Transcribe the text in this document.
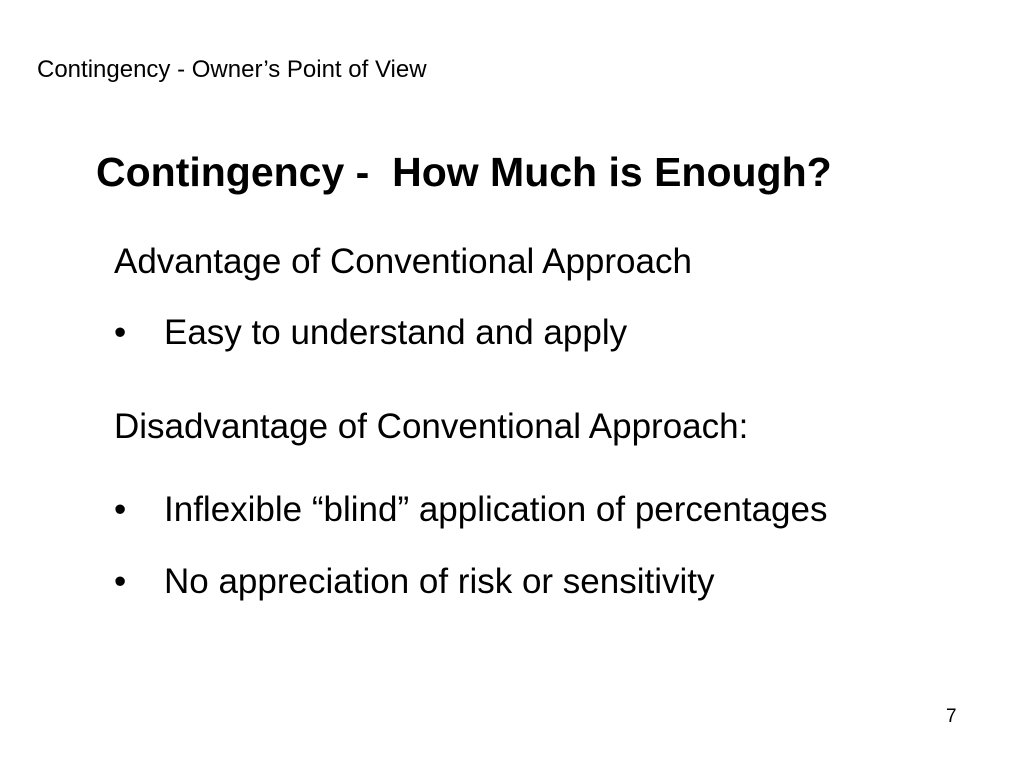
Contingency - Owner’s Point of View
Contingency -  How Much is Enough?
Advantage of Conventional Approach
•	Easy to understand and apply
Disadvantage of Conventional Approach:
•	Inflexible “blind” application of percentages
•	No appreciation of risk or sensitivity
7
